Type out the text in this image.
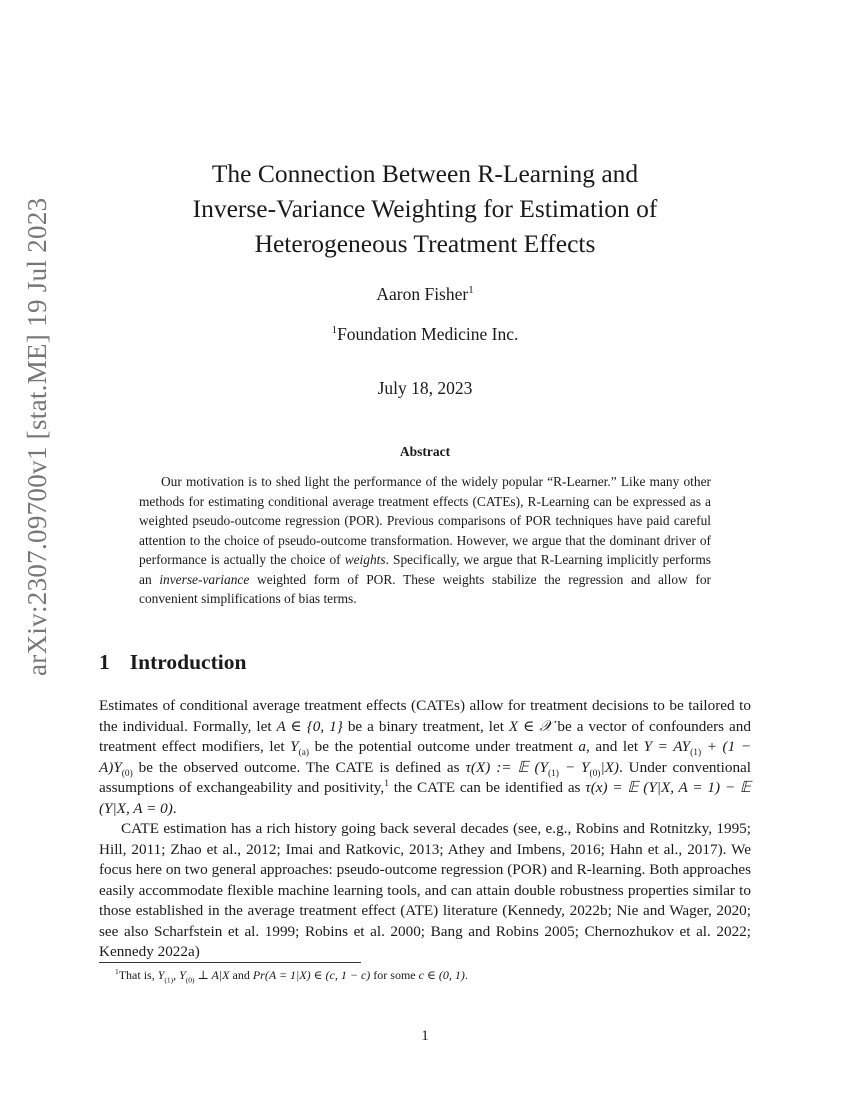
arXiv:2307.09700v1 [stat.ME] 19 Jul 2023
The Connection Between R-Learning and
Inverse-Variance Weighting for Estimation of
Heterogeneous Treatment Effects
Aaron Fisher$^1$
$^1$Foundation Medicine Inc.
July 18, 2023
Abstract

Our motivation is to shed light the performance of the widely popular “R-Learner.” Like many other methods for estimating conditional average treatment effects (CATEs), R-Learning can be expressed as a weighted pseudo-outcome regression (POR). Previous comparisons of POR techniques have paid careful attention to the choice of pseudo-outcome transformation. However, we argue that the dominant driver of performance is actually the choice of weights. Specifically, we argue that R-Learning implicitly performs an inverse-variance weighted form of POR. These weights stabilize the regression and allow for convenient simplifications of bias terms.

1 Introduction

Estimates of conditional average treatment effects (CATEs) allow for treatment decisions to be tailored to the individual. Formally, let A ∈ {0, 1} be a binary treatment, let X ∈ 𝒳 be a vector of confounders and treatment effect modifiers, let $Y_{(a)}$ be the potential outcome under treatment a, and let $Y = AY_{(1)} + (1 - A)Y_{(0)}$ be the observed outcome. The CATE is defined as τ(X) := 𝔼 $(Y_{(1)} - Y_{(0)}|X)$. Under conventional assumptions of exchangeability and positivity,$^1$ the CATE can be identified as τ(x) = 𝔼 (Y|X, A = 1) − 𝔼 (Y|X, A = 0).

CATE estimation has a rich history going back several decades (see, e.g., Robins and Rotnitzky, 1995; Hill, 2011; Zhao et al., 2012; Imai and Ratkovic, 2013; Athey and Imbens, 2016; Hahn et al., 2017). We focus here on two general approaches: pseudo-outcome regression (POR) and R-learning. Both approaches easily accommodate flexible machine learning tools, and can attain double robustness properties similar to those established in the average treatment effect (ATE) literature (Kennedy, 2022b; Nie and Wager, 2020; see also Scharfstein et al. 1999; Robins et al. 2000; Bang and Robins 2005; Chernozhukov et al. 2022; Kennedy 2022a)

$^1$That is, $Y_{(1)}$, $Y_{(0)}$ ⊥ A|X and Pr(A = 1|X) ∈ (c, 1 − c) for some c ∈ (0, 1).
1
